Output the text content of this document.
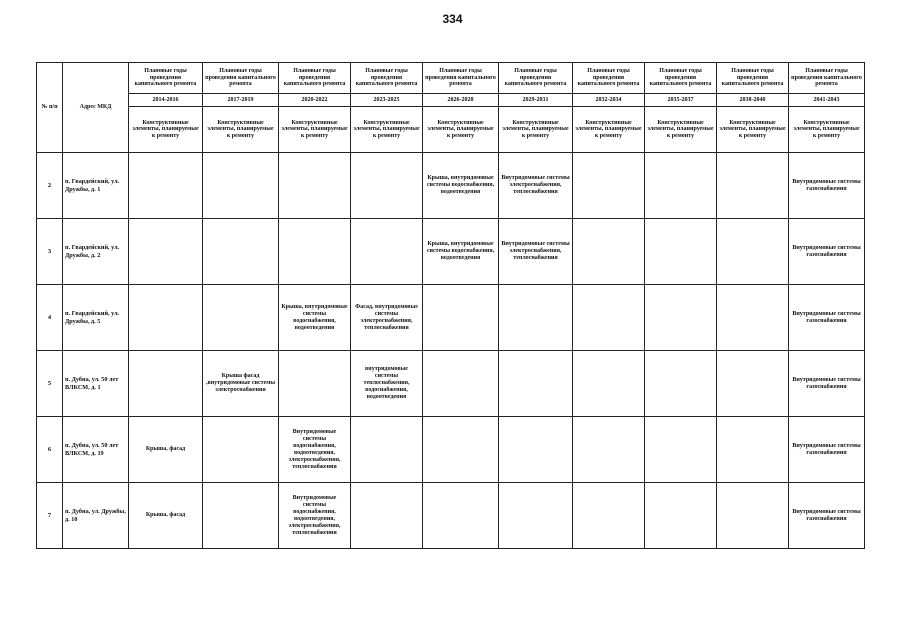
334
№ п/п	Адрес МКД	Плановые годы проведения капитального ремонта	Плановые годы проведения капитального ремонта	Плановые годы проведения капитального ремонта	Плановые годы проведения капитального ремонта	Плановые годы проведения капитального ремонта	Плановые годы проведения капитального ремонта	Плановые годы проведения капитального ремонта	Плановые годы проведения капитального ремонта	Плановые годы проведения капитального ремонта	Плановые годы проведения капитального ремонта
		2014-2016	2017-2019	2020-2022	2023-2025	2026-2028	2029-2031	2032-2034	2035-2037	2038-2040	2041-2043
		Конструктивные элементы, планируемые к ремонту	Конструктивные элементы, планируемые к ремонту	Конструктивные элементы, планируемые к ремонту	Конструктивные элементы, планируемые к ремонту	Конструктивные элементы, планируемые к ремонту	Конструктивные элементы, планируемые к ремонту	Конструктивные элементы, планируемые к ремонту	Конструктивные элементы, планируемые к ремонту	Конструктивные элементы, планируемые к ремонту	Конструктивные элементы, планируемые к ремонту
2	п. Гвардейский, ул. Дружбы, д. 1					Крыша, внутридомовые системы водоснабжения, водоотведения	Внутридомовые системы электроснабжения, теплоснабжения				Внутридомовые системы газоснабжения
3	п. Гвардейский, ул. Дружбы, д. 2					Крыша, внутридомовые системы водоснабжения, водоотведения	Внутридомовые системы электроснабжения, теплоснабжения				Внутридомовые системы газоснабжения
4	п. Гвардейский, ул. Дружбы, д. 5			Крыша, внутридомовые системы водоснабжения, водоотведения	Фасад, внутридомовые системы электроснабжения, теплоснабжения						Внутридомовые системы газоснабжения
5	п. Дубна, ул. 50 лет ВЛКСМ, д. 1		Крыша фасад ,внутридомовые системы электроснабжения		внутридомовые системы теплоснабжения, водоснабжения, водоотведения						Внутридомовые системы газоснабжения
6	п. Дубна, ул. 50 лет ВЛКСМ, д. 19	Крыша, фасад		Внутридомовые системы водоснабжения, водоотведения, электроснабжения, теплоснабжения							Внутридомовые системы газоснабжения
7	п. Дубна, ул. Дружбы, д. 10	Крыша, фасад		Внутридомовые системы водоснабжения, водоотведения, электроснабжения, теплоснабжения							Внутридомовые системы газоснабжения
